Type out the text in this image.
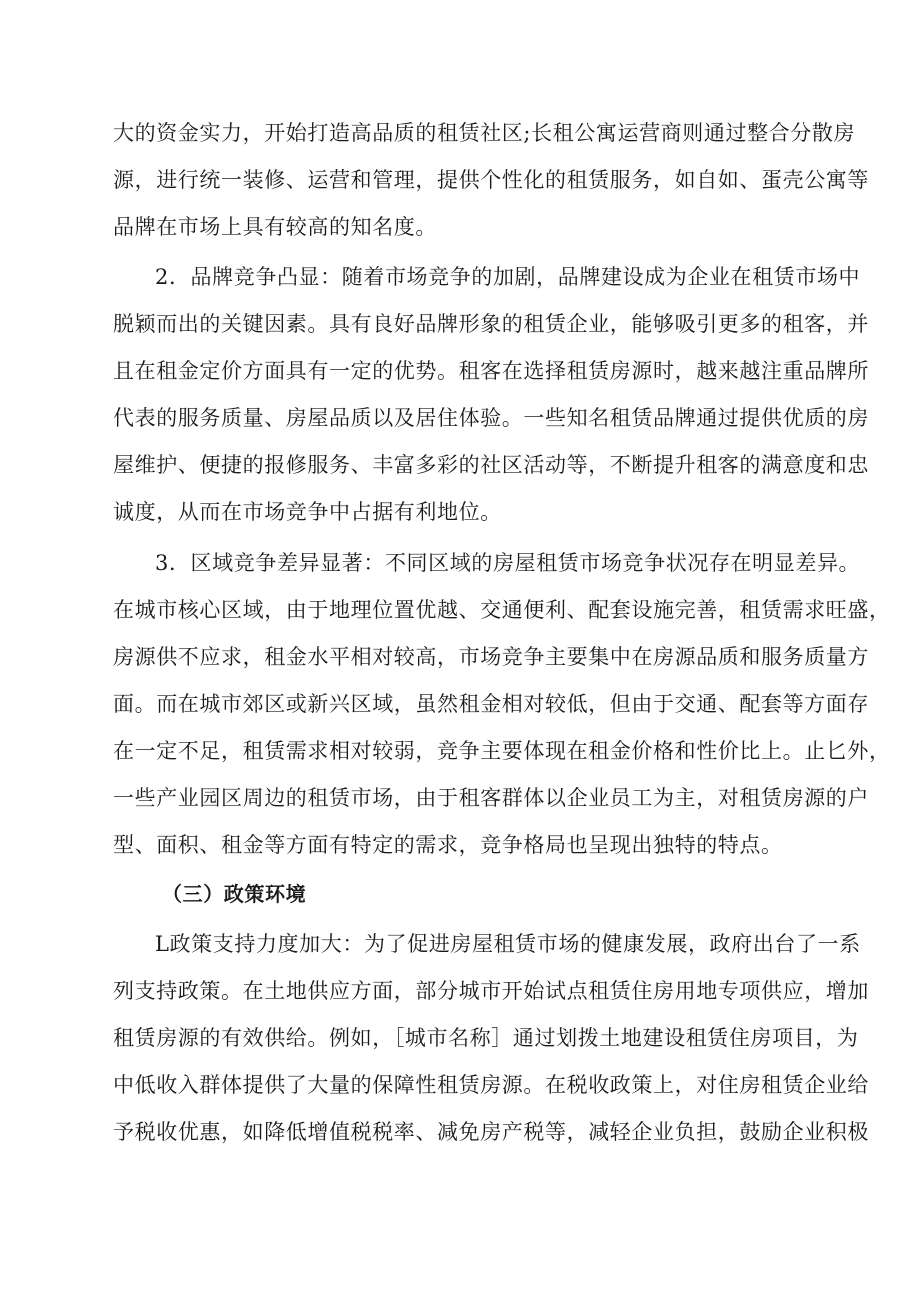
大的资金实力，开始打造高品质的租赁社区;长租公寓运营商则通过整合分散房
源，进行统一装修、运营和管理，提供个性化的租赁服务，如自如、蛋壳公寓等
品牌在市场上具有较高的知名度。
2．品牌竞争凸显：随着市场竞争的加剧，品牌建设成为企业在租赁市场中
脱颖而出的关键因素。具有良好品牌形象的租赁企业，能够吸引更多的租客，并
且在租金定价方面具有一定的优势。租客在选择租赁房源时，越来越注重品牌所
代表的服务质量、房屋品质以及居住体验。一些知名租赁品牌通过提供优质的房
屋维护、便捷的报修服务、丰富多彩的社区活动等，不断提升租客的满意度和忠
诚度，从而在市场竞争中占据有利地位。
3．区域竞争差异显著：不同区域的房屋租赁市场竞争状况存在明显差异。
在城市核心区域，由于地理位置优越、交通便利、配套设施完善，租赁需求旺盛，
房源供不应求，租金水平相对较高，市场竞争主要集中在房源品质和服务质量方
面。而在城市郊区或新兴区域，虽然租金相对较低，但由于交通、配套等方面存
在一定不足，租赁需求相对较弱，竞争主要体现在租金价格和性价比上。止匕外，
一些产业园区周边的租赁市场，由于租客群体以企业员工为主，对租赁房源的户
型、面积、租金等方面有特定的需求，竞争格局也呈现出独特的特点。
（三）政策环境
L政策支持力度加大：为了促进房屋租赁市场的健康发展，政府出台了一系
列支持政策。在土地供应方面，部分城市开始试点租赁住房用地专项供应，增加
租赁房源的有效供给。例如，［城市名称］通过划拨土地建设租赁住房项目，为
中低收入群体提供了大量的保障性租赁房源。在税收政策上，对住房租赁企业给
予税收优惠，如降低增值税税率、减免房产税等，减轻企业负担，鼓励企业积极
